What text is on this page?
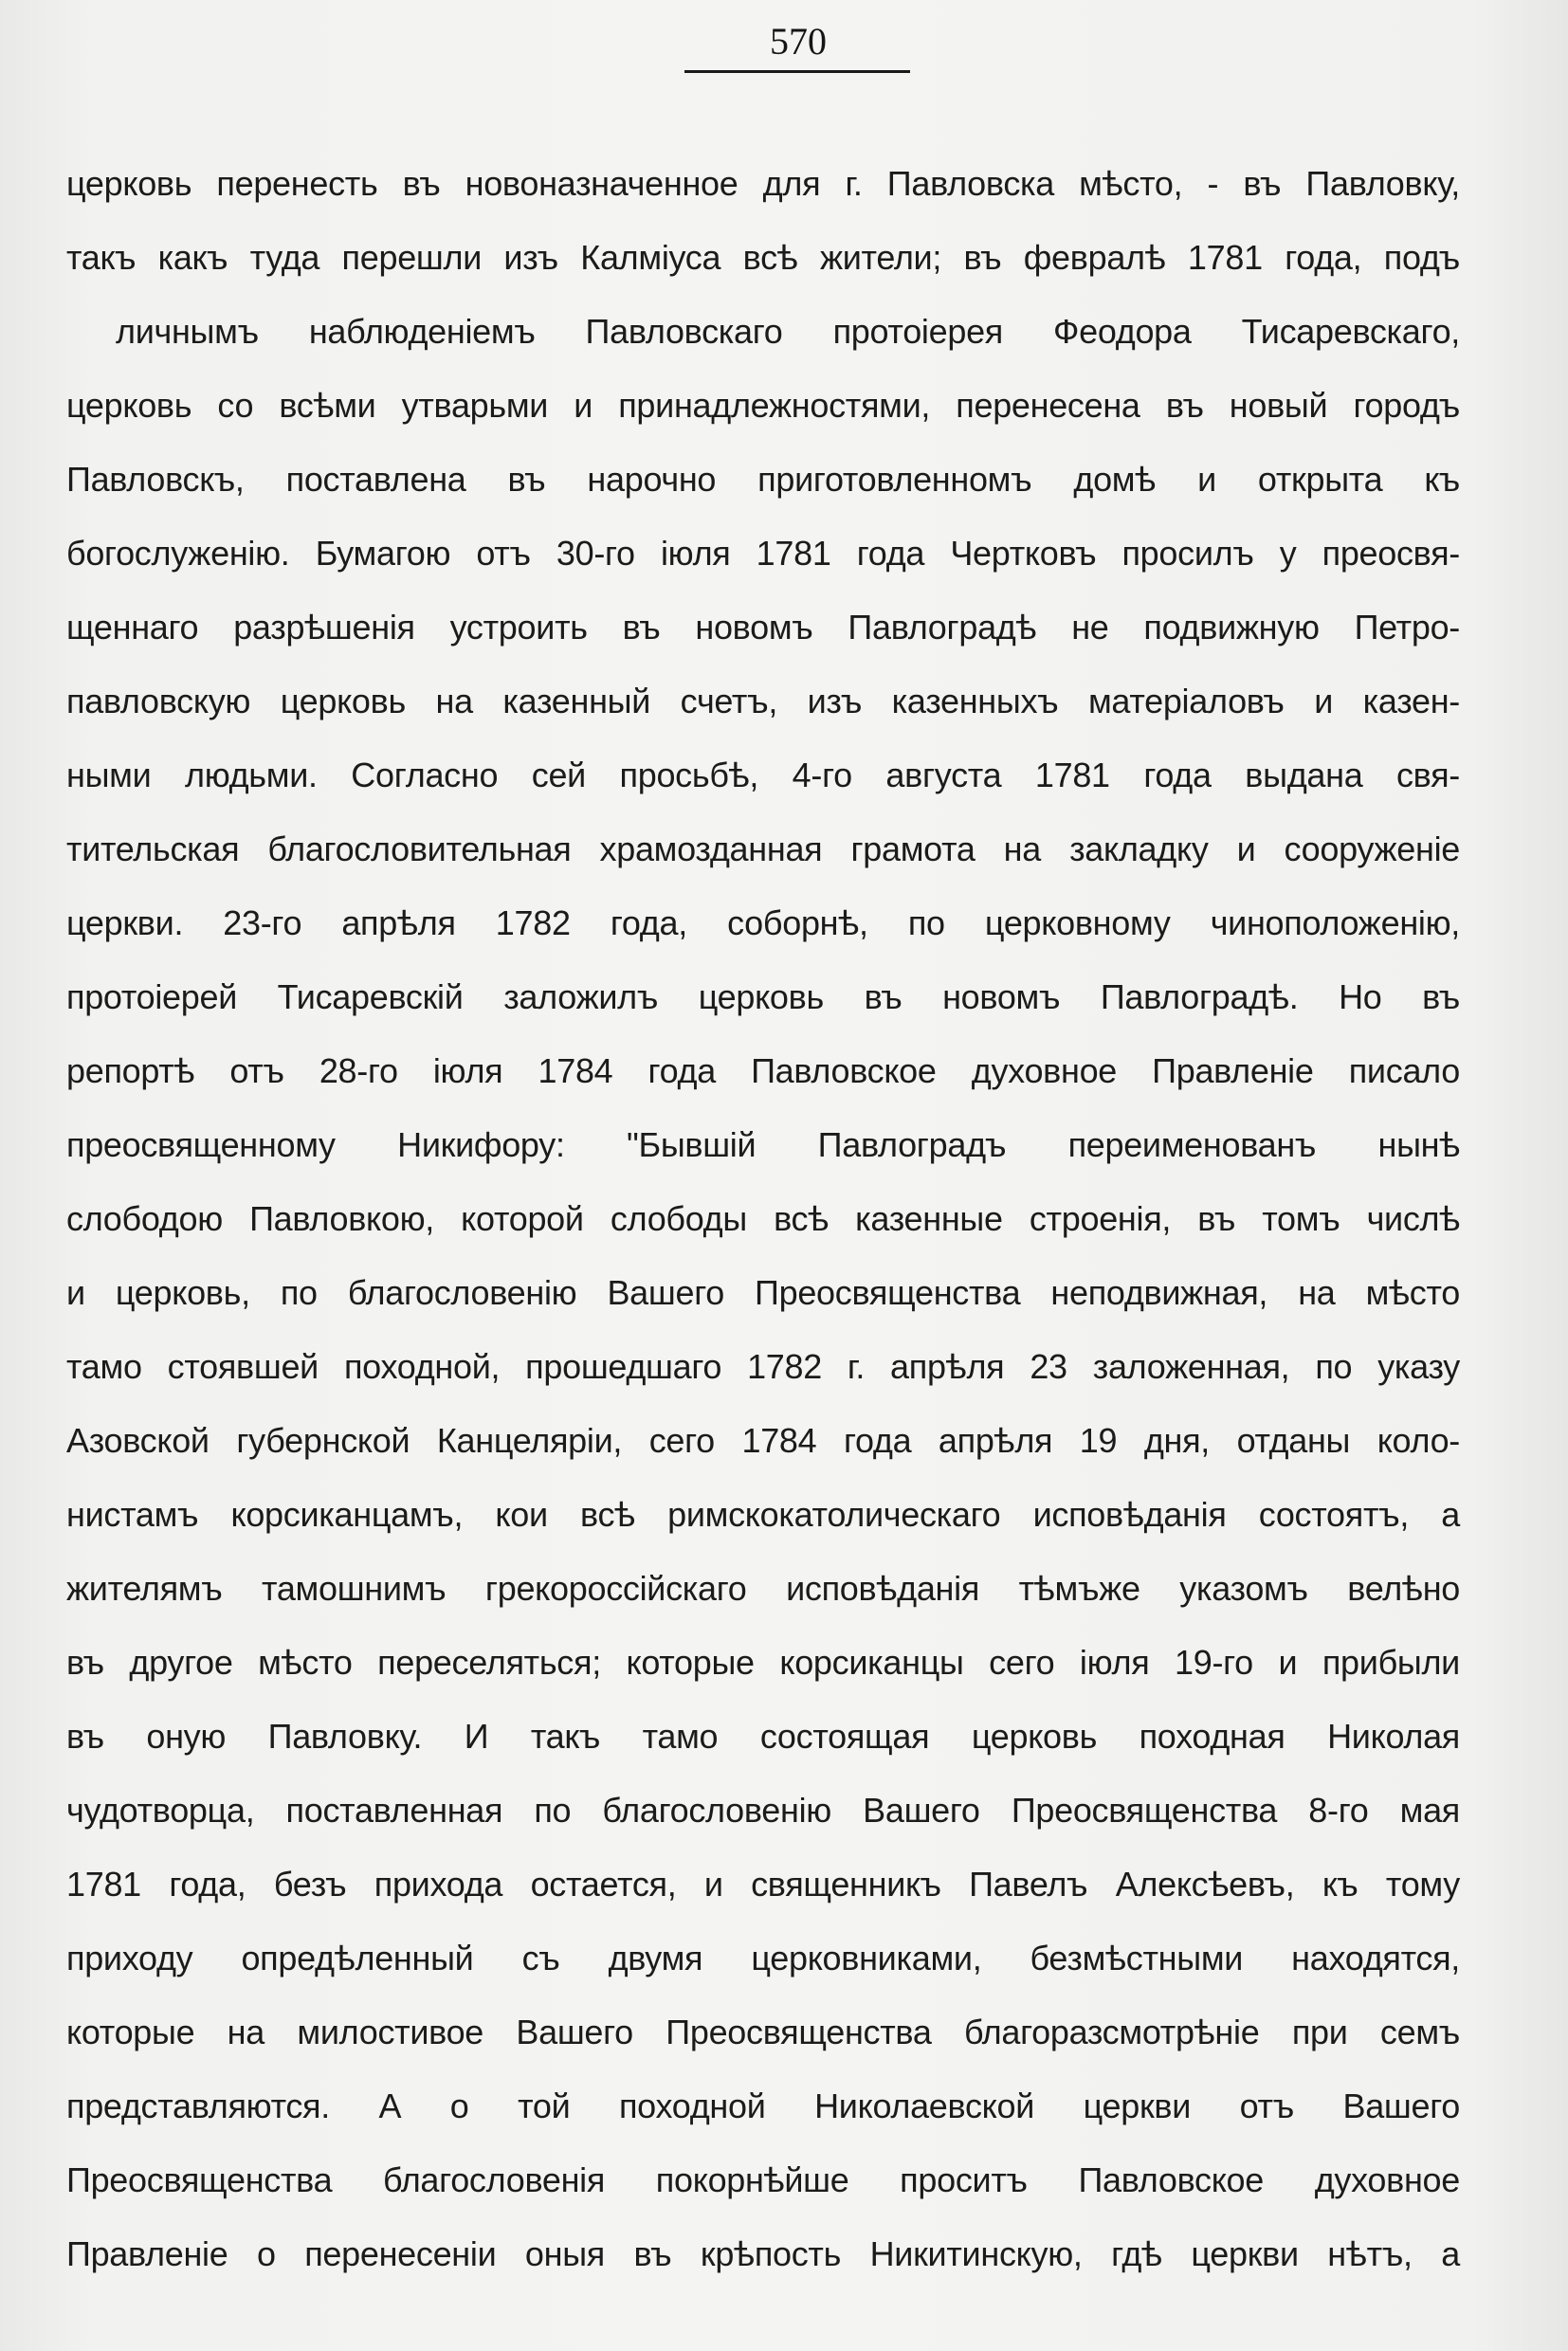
570
церковь перенесть въ новоназначенное для г. Павловска мѣсто, - въ Павловку,
такъ какъ туда перешли изъ Калміуса всѣ жители; въ февралѣ 1781 года, подъ
личнымъ наблюденіемъ Павловскаго протоіерея Феодора Тисаревскаго,
церковь со всѣми утварьми и принадлежностями, перенесена въ новый городъ
Павловскъ, поставлена въ нарочно приготовленномъ домѣ и открыта къ
богослуженію. Бумагою отъ 30-го іюля 1781 года Чертковъ просилъ у преосвя-
щеннаго разрѣшенія устроить въ новомъ Павлоградѣ не подвижную Петро-
павловскую церковь на казенный счетъ, изъ казенныхъ матеріаловъ и казен-
ными людьми. Согласно сей просьбѣ, 4-го августа 1781 года выдана свя-
тительская благословительная храмозданная грамота на закладку и сооруженіе
церкви. 23-го апрѣля 1782 года, соборнѣ, по церковному чиноположенію,
протоіерей Тисаревскій заложилъ церковь въ новомъ Павлоградѣ. Но въ
репортѣ отъ 28-го іюля 1784 года Павловское духовное Правленіе писало
преосвященному Никифору: "Бывшій Павлоградъ переименованъ нынѣ
слободою Павловкою, которой слободы всѣ казенные строенія, въ томъ числѣ
и церковь, по благословенію Вашего Преосвященства неподвижная, на мѣсто
тамо стоявшей походной, прошедшаго 1782 г. апрѣля 23 заложенная, по указу
Азовской губернской Канцеляріи, сего 1784 года апрѣля 19 дня, отданы коло-
нистамъ корсиканцамъ, кои всѣ римскокатолическаго исповѣданія состоятъ, а
жителямъ тамошнимъ грекороссійскаго исповѣданія тѣмъже указомъ велѣно
въ другое мѣсто переселяться; которые корсиканцы сего іюля 19-го и прибыли
въ оную Павловку. И такъ тамо состоящая церковь походная Николая
чудотворца, поставленная по благословенію Вашего Преосвященства 8-го мая
1781 года, безъ прихода остается, и священникъ Павелъ Алексѣевъ, къ тому
приходу опредѣленный съ двумя церковниками, безмѣстными находятся,
которые на милостивое Вашего Преосвященства благоразсмотрѣніе при семъ
представляются. А о той походной Николаевской церкви отъ Вашего
Преосвященства благословенія покорнѣйше проситъ Павловское духовное
Правленіе о перенесеніи оныя въ крѣпость Никитинскую, гдѣ церкви нѣтъ, а
